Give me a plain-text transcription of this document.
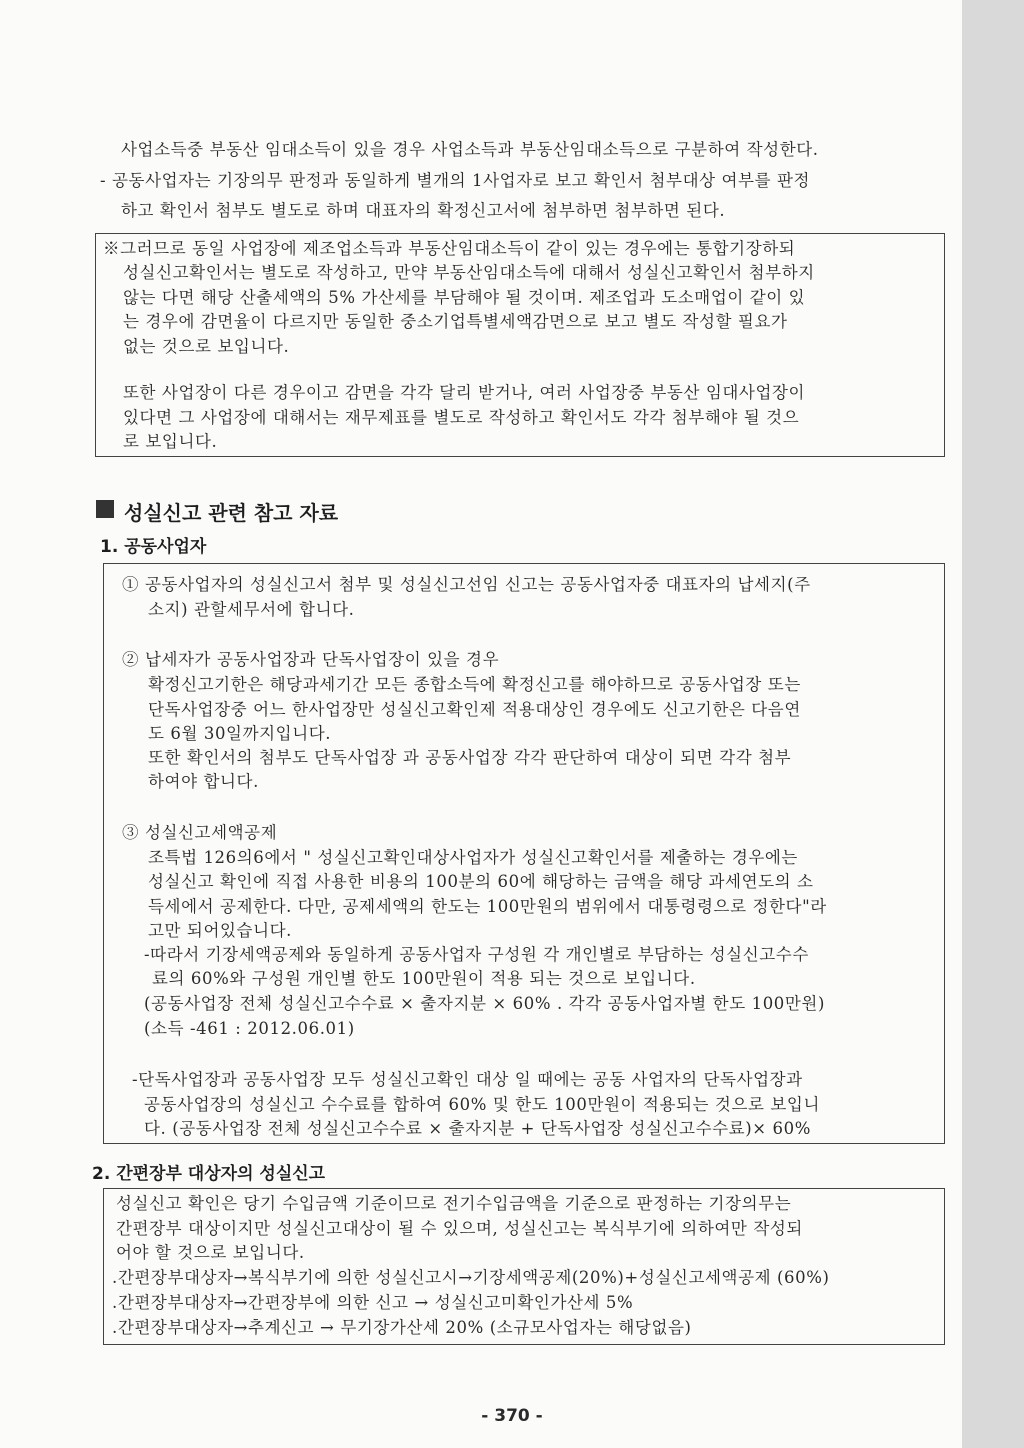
사업소득중 부동산 임대소득이 있을 경우 사업소득과 부동산임대소득으로 구분하여 작성한다.
- 공동사업자는 기장의무 판정과 동일하게 별개의 1사업자로 보고 확인서 첨부대상 여부를 판정
하고 확인서 첨부도 별도로 하며 대표자의 확정신고서에 첨부하면 첨부하면 된다.
※그러므로 동일 사업장에 제조업소득과 부동산임대소득이 같이 있는 경우에는 통합기장하되
성실신고확인서는 별도로 작성하고, 만약 부동산임대소득에 대해서 성실신고확인서 첨부하지
않는 다면 해당 산출세액의 5% 가산세를 부담해야 될 것이며. 제조업과 도소매업이 같이 있
는 경우에 감면율이 다르지만 동일한 중소기업특별세액감면으로 보고 별도 작성할 필요가
없는 것으로 보입니다.
또한 사업장이 다른 경우이고 감면을 각각 달리 받거나, 여러 사업장중 부동산 임대사업장이
있다면 그 사업장에 대해서는 재무제표를 별도로 작성하고 확인서도 각각 첨부해야 될 것으
로 보입니다.
성실신고 관련 참고 자료
1. 공동사업자
① 공동사업자의 성실신고서 첨부 및 성실신고선임 신고는 공동사업자중 대표자의 납세지(주
소지) 관할세무서에 합니다.
② 납세자가 공동사업장과 단독사업장이 있을 경우
확정신고기한은 해당과세기간 모든 종합소득에 확정신고를 해야하므로 공동사업장 또는
단독사업장중 어느 한사업장만 성실신고확인제 적용대상인 경우에도 신고기한은 다음연
도 6월 30일까지입니다.
또한 확인서의 첨부도 단독사업장 과 공동사업장 각각 판단하여 대상이 되면 각각 첨부
하여야 합니다.
③ 성실신고세액공제
조특법 126의6에서 " 성실신고확인대상사업자가 성실신고확인서를 제출하는 경우에는
성실신고 확인에 직접 사용한 비용의 100분의 60에 해당하는 금액을 해당 과세연도의 소
득세에서 공제한다. 다만, 공제세액의 한도는 100만원의 범위에서 대통령령으로 정한다"라
고만 되어있습니다.
-따라서 기장세액공제와 동일하게 공동사업자 구성원 각 개인별로 부담하는 성실신고수수
료의 60%와 구성원 개인별 한도 100만원이 적용 되는 것으로 보입니다.
(공동사업장 전체 성실신고수수료 × 출자지분 × 60% . 각각 공동사업자별 한도 100만원)
(소득 -461 : 2012.06.01)
-단독사업장과 공동사업장 모두 성실신고확인 대상 일 때에는 공동 사업자의 단독사업장과
공동사업장의 성실신고 수수료를 합하여 60% 및 한도 100만원이 적용되는 것으로 보입니
다. (공동사업장 전체 성실신고수수료 × 출자지분 + 단독사업장 성실신고수수료)× 60%
2. 간편장부 대상자의 성실신고
성실신고 확인은 당기 수입금액 기준이므로 전기수입금액을 기준으로 판정하는 기장의무는
간편장부 대상이지만 성실신고대상이 될 수 있으며, 성실신고는 복식부기에 의하여만 작성되
어야 할 것으로 보입니다.
.간편장부대상자→복식부기에 의한 성실신고시→기장세액공제(20%)+성실신고세액공제 (60%)
.간편장부대상자→간편장부에 의한 신고 → 성실신고미확인가산세 5%
.간편장부대상자→추계신고 → 무기장가산세 20% (소규모사업자는 해당없음)
- 370 -
